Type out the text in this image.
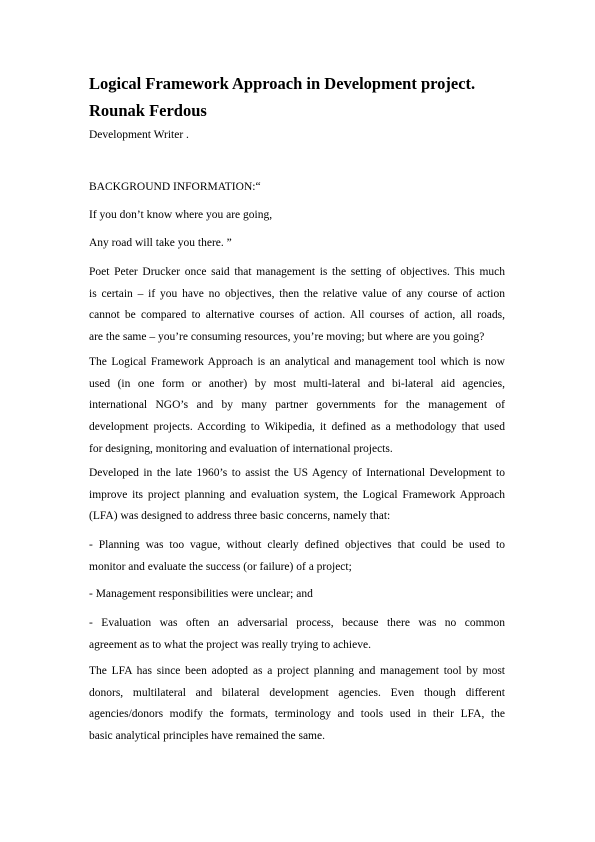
Logical Framework Approach in Development project.
Rounak Ferdous
Development Writer .
BACKGROUND INFORMATION:“
If you don’t know where you are going,
Any road will take you there. ”
Poet Peter Drucker once said that management is the setting of objectives. This much
is certain – if you have no objectives, then the relative value of any course of action
cannot be compared to alternative courses of action. All courses of action, all roads,
are the same – you’re consuming resources, you’re moving; but where are you going?
The Logical Framework Approach is an analytical and management tool which is now
used (in one form or another) by most multi-lateral and bi-lateral aid agencies,
international NGO’s and by many partner governments for the management of
development projects. According to Wikipedia, it defined as a methodology that used
for designing, monitoring and evaluation of international projects.
Developed in the late 1960’s to assist the US Agency of International Development to
improve its project planning and evaluation system, the Logical Framework Approach
(LFA) was designed to address three basic concerns, namely that:
- Planning was too vague, without clearly defined objectives that could be used to
monitor and evaluate the success (or failure) of a project;
- Management responsibilities were unclear; and
- Evaluation was often an adversarial process, because there was no common
agreement as to what the project was really trying to achieve.
The LFA has since been adopted as a project planning and management tool by most
donors, multilateral and bilateral development agencies. Even though different
agencies/donors modify the formats, terminology and tools used in their LFA, the
basic analytical principles have remained the same.
